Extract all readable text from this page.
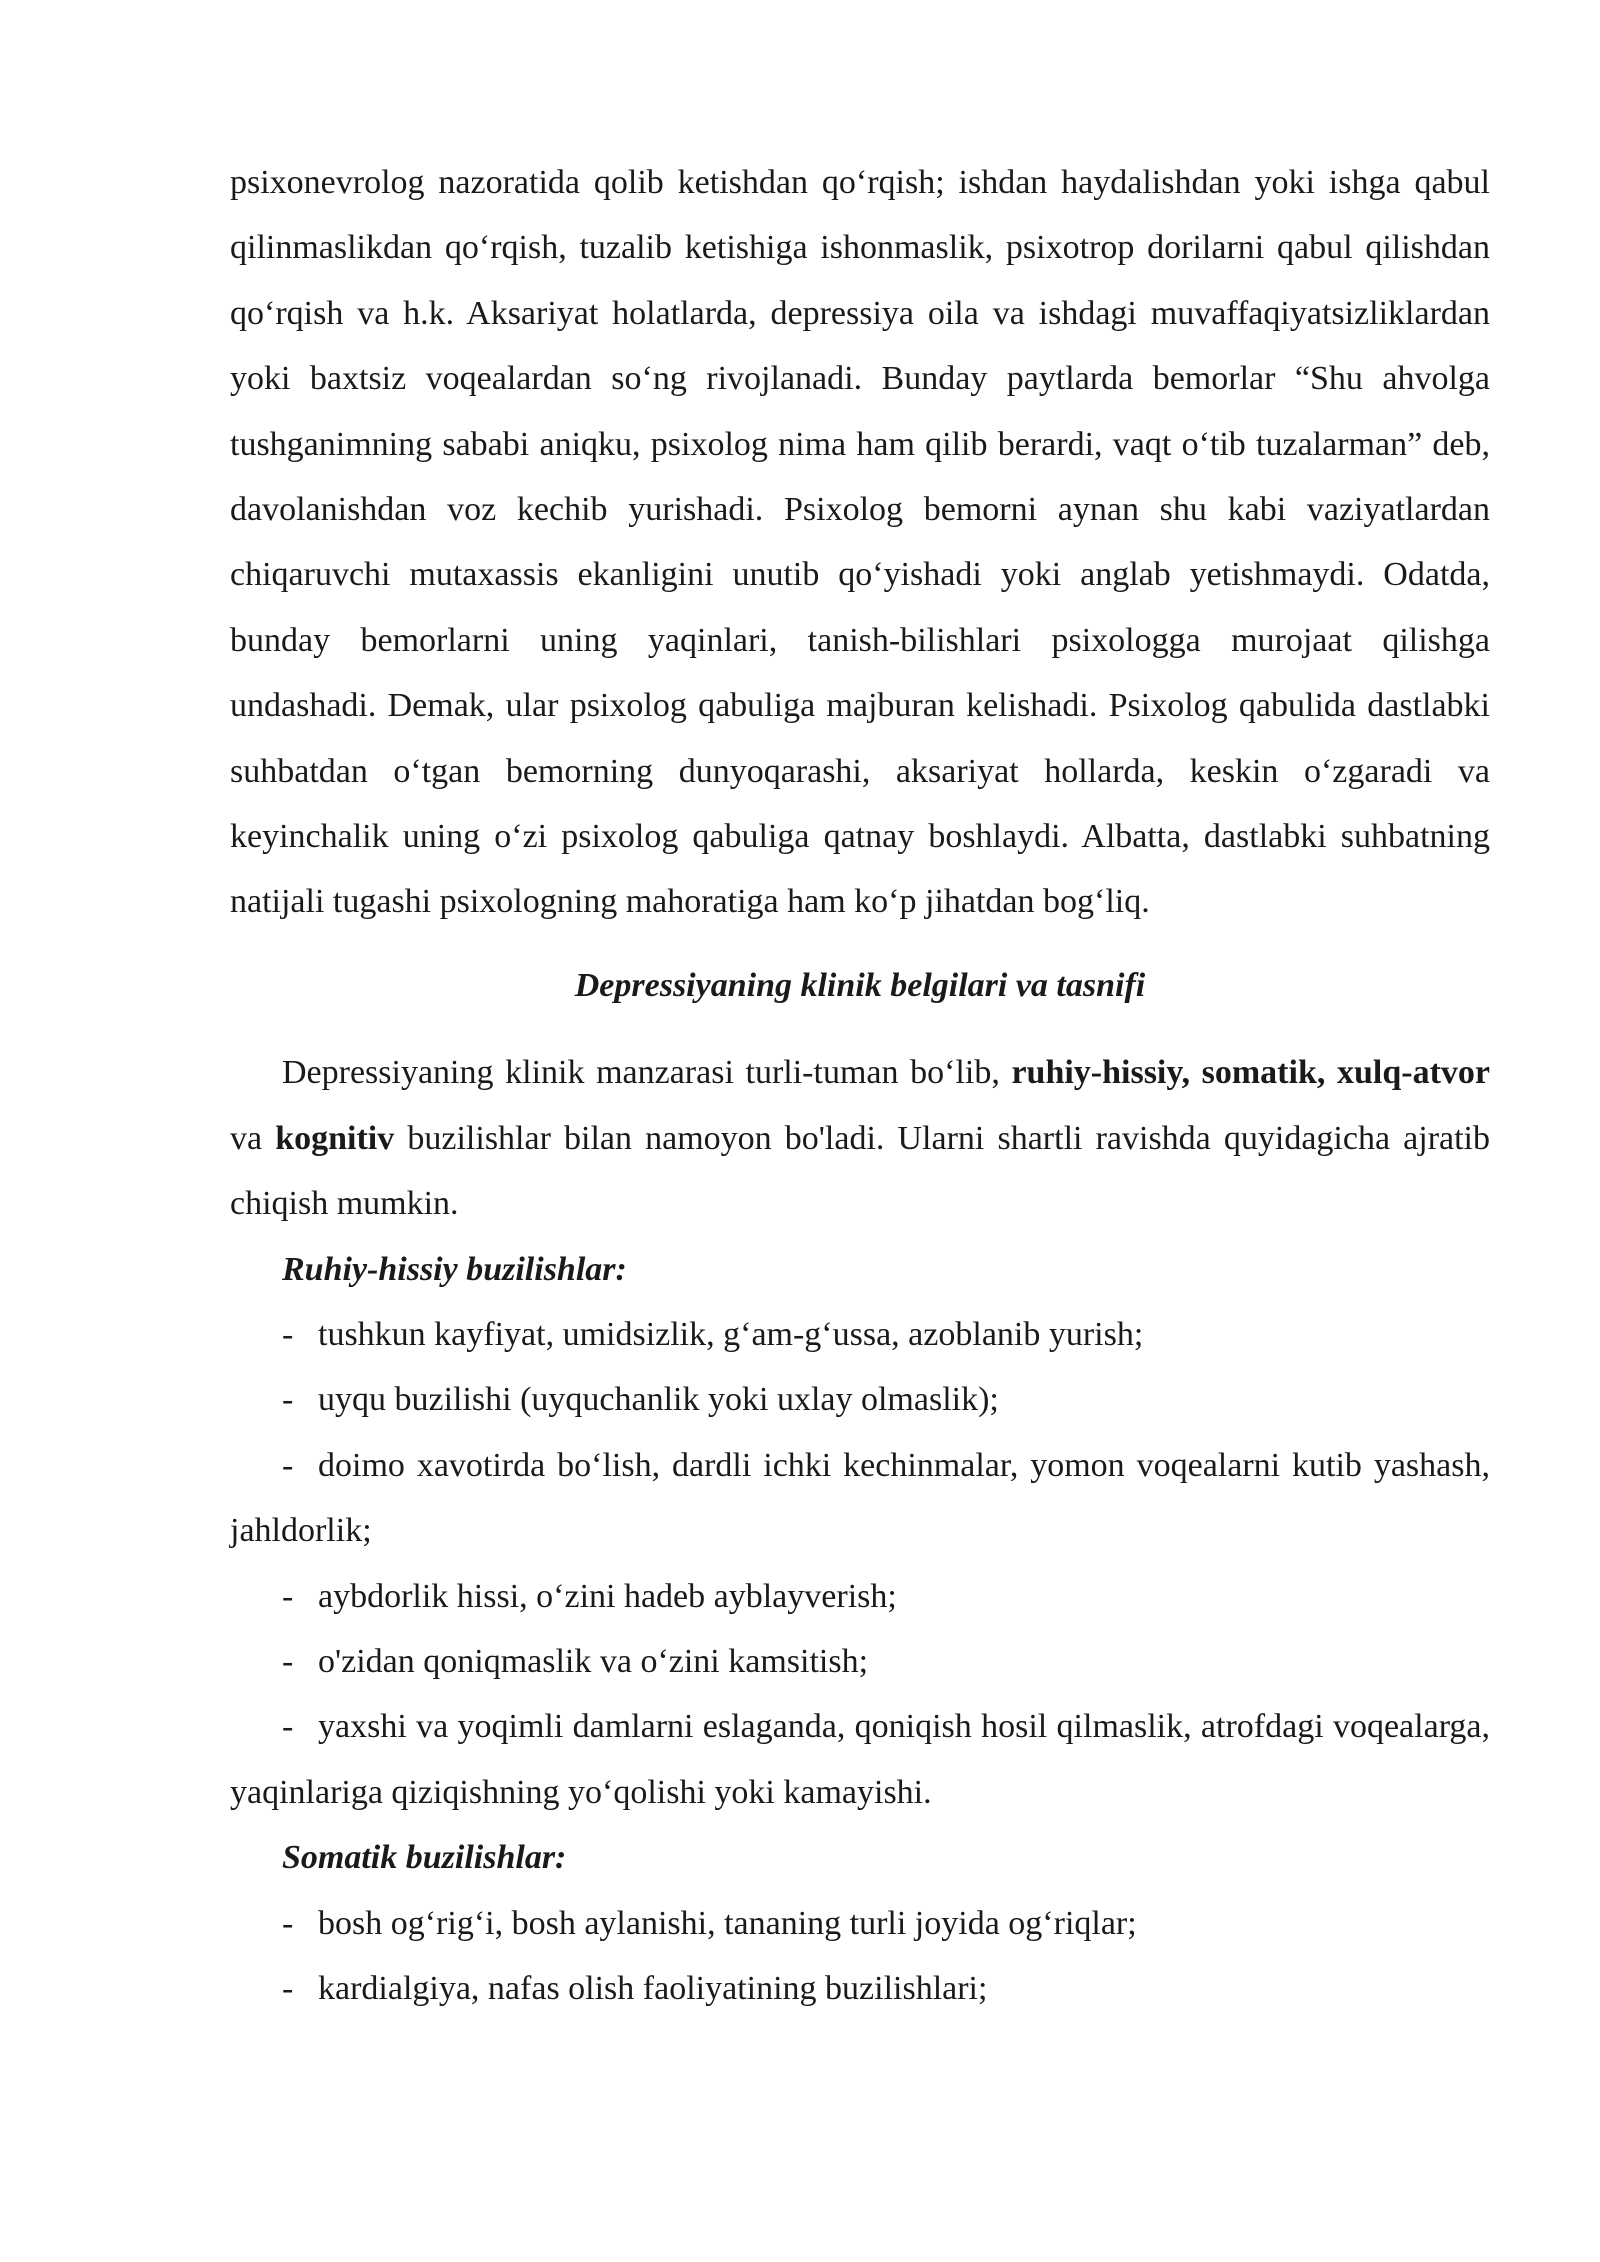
psixonevrolog nazoratida qolib ketishdan qo‘rqish; ishdan haydalishdan yoki ishga qabul qilinmaslikdan qo‘rqish, tuzalib ketishiga ishonmaslik, psixotrop dorilarni qabul qilishdan qo‘rqish va h.k. Aksariyat holatlarda, depressiya oila va ishdagi muvaffaqiyatsizliklardan yoki baxtsiz voqealardan so‘ng rivojlanadi. Bunday paytlarda bemorlar “Shu ahvolga tushganimning sababi aniqku, psixolog nima ham qilib berardi, vaqt o‘tib tuzalarman” deb, davolanishdan voz kechib yurishadi. Psixolog bemorni aynan shu kabi vaziyatlardan chiqaruvchi mutaxassis ekanligini unutib qo‘yishadi yoki anglab yetishmaydi. Odatda, bunday bemorlarni uning yaqinlari, tanish-bilishlari psixologga murojaat qilishga undashadi. Demak, ular psixolog qabuliga majburan kelishadi. Psixolog qabulida dastlabki suhbatdan o‘tgan bemorning dunyoqarashi, aksariyat hollarda, keskin o‘zgaradi va keyinchalik uning o‘zi psixolog qabuliga qatnay boshlaydi. Albatta, dastlabki suhbatning natijali tugashi psixologning mahoratiga ham ko‘p jihatdan bog‘liq.

Depressiyaning klinik belgilari va tasnifi

Depressiyaning klinik manzarasi turli-tuman bo‘lib, ruhiy-hissiy, somatik, xulq-atvor va kognitiv buzilishlar bilan namoyon bo'ladi. Ularni shartli ravishda quyidagicha ajratib chiqish mumkin.

Ruhiy-hissiy buzilishlar:

- tushkun kayfiyat, umidsizlik, g‘am-g‘ussa, azoblanib yurish;

- uyqu buzilishi (uyquchanlik yoki uxlay olmaslik);

- doimo xavotirda bo‘lish, dardli ichki kechinmalar, yomon voqealarni kutib yashash, jahldorlik;

- aybdorlik hissi, o‘zini hadeb ayblayverish;

- o'zidan qoniqmaslik va o‘zini kamsitish;

- yaxshi va yoqimli damlarni eslaganda, qoniqish hosil qilmaslik, atrofdagi voqealarga, yaqinlariga qiziqishning yo‘qolishi yoki kamayishi.

Somatik buzilishlar:

- bosh og‘rig‘i, bosh aylanishi, tananing turli joyida og‘riqlar;

- kardialgiya, nafas olish faoliyatining buzilishlari;
